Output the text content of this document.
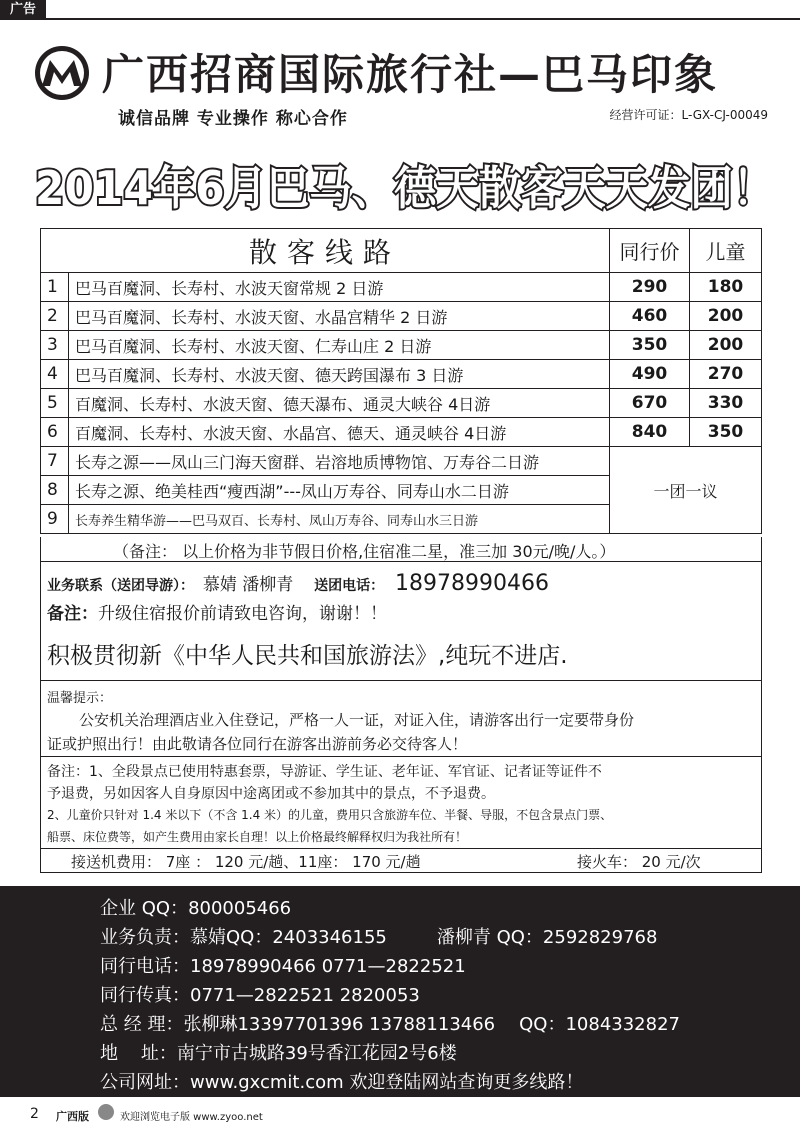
广告
广西招商国际旅行社—巴马印象
诚信品牌 专业操作 称心合作	经营许可证：L-GX-CJ-00049
2014年6月巴马、德天散客天天发团！
散客线路		同行价	儿童
1	巴马百魔洞、长寿村、水波天窗常规 2 日游	290	180
2	巴马百魔洞、长寿村、水波天窗、水晶宫精华 2 日游	460	200
3	巴马百魔洞、长寿村、水波天窗、仁寿山庄 2 日游	350	200
4	巴马百魔洞、长寿村、水波天窗、德天跨国瀑布 3 日游	490	270
5	百魔洞、长寿村、水波天窗、德天瀑布、通灵大峡谷 4日游	670	330
6	百魔洞、长寿村、水波天窗、水晶宫、德天、通灵峡谷 4日游	840	350
7	长寿之源——凤山三门海天窗群、岩溶地质博物馆、万寿谷二日游	一团一议	
8	长寿之源、绝美桂西“瘦西湖”---凤山万寿谷、同寿山水二日游		
9	长寿养生精华游——巴马双百、长寿村、凤山万寿谷、同寿山水三日游		
（备注： 以上价格为非节假日价格,住宿准二星，准三加 30元/晚/人。）
业务联系（送团导游）： 慕婧 潘柳青 送团电话： 18978990466
备注：升级住宿报价前请致电咨询，谢谢！！
积极贯彻新《中华人民共和国旅游法》,纯玩不进店.
温馨提示：
公安机关治理酒店业入住登记，严格一人一证，对证入住，请游客出行一定要带身份
证或护照出行！由此敬请各位同行在游客出游前务必交待客人！
备注：1、全段景点已使用特惠套票，导游证、学生证、老年证、军官证、记者证等证件不
予退费，另如因客人自身原因中途离团或不参加其中的景点，不予退费。
2、儿童价只针对 1.4 米以下（不含 1.4 米）的儿童，费用只含旅游车位、半餐、导服，不包含景点门票、
船票、床位费等，如产生费用由家长自理！以上价格最终解释权归为我社所有！
接送机费用： 7座 ： 120 元/趟、11座： 170 元/趟	接火车： 20 元/次
企业 QQ：800005466
业务负责：慕婧QQ：2403346155	潘柳青 QQ：2592829768
同行电话：18978990466 0771—2822521
同行传真：0771—2822521 2820053
总 经 理：张柳琳13397701396 13788113466 QQ：1084332827
地    址：南宁市古城路39号香江花园2号6楼
公司网址：www.gxcmit.com 欢迎登陆网站查询更多线路！
2 广西版	欢迎浏览电子版 www.zyoo.net
